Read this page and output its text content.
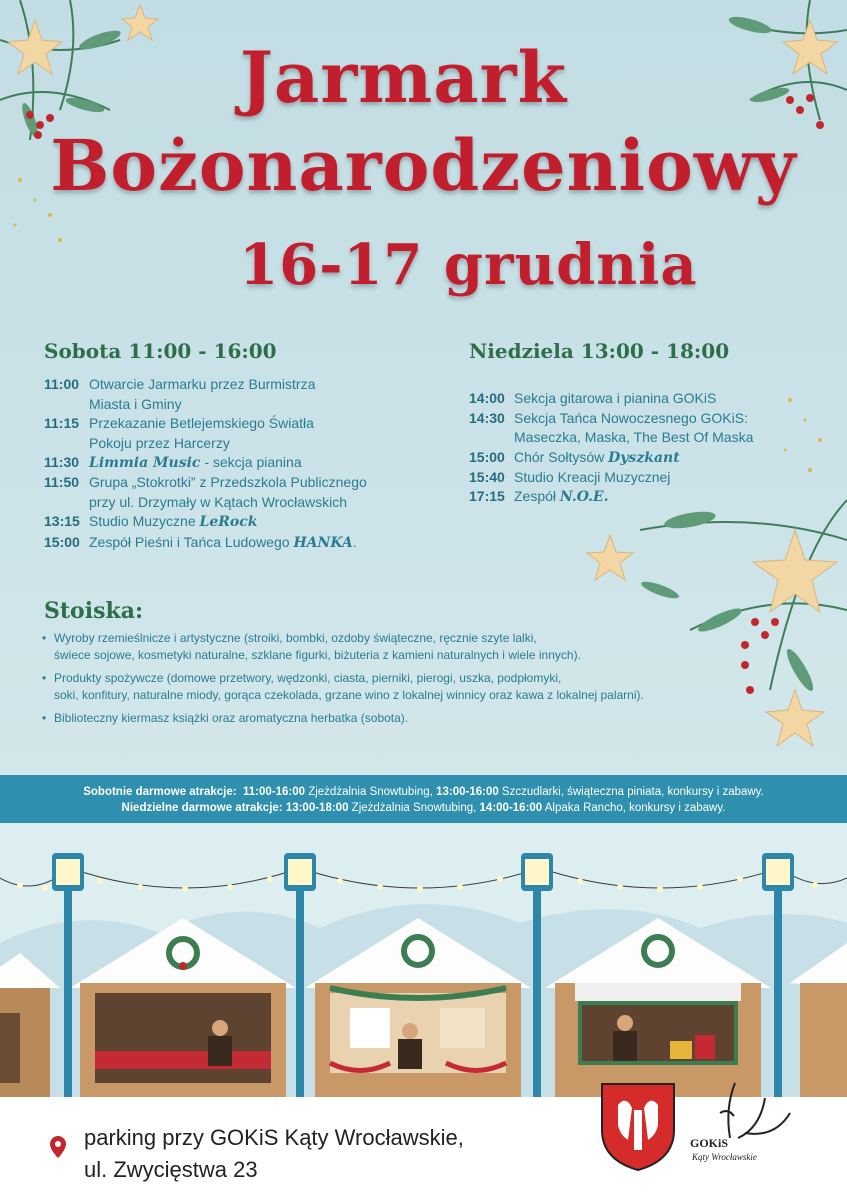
Jarmark
Bożonarodzeniowy
16-17 grudnia
Sobota 11:00 - 16:00
11:00 Otwarcie Jarmarku przez Burmistrza
Miasta i Gminy
11:15 Przekazanie Betlejemskiego Światła
Pokoju przez Harcerzy
11:30 Limmia Music - sekcja pianina
11:50 Grupa „Stokrotki” z Przedszkola Publicznego
przy ul. Drzymały w Kątach Wrocławskich
13:15 Studio Muzyczne LeRock
15:00 Zespół Pieśni i Tańca Ludowego HANKA.
Niedziela 13:00 - 18:00
14:00 Sekcja gitarowa i pianina GOKiS
14:30 Sekcja Tańca Nowoczesnego GOKiS:
Maseczka, Maska, The Best Of Maska
15:00 Chór Sołtysów Dyszkant
15:40 Studio Kreacji Muzycznej
17:15 Zespół N.O.E.
Stoiska:
• Wyroby rzemieślnicze i artystyczne (stroiki, bombki, ozdoby świąteczne, ręcznie szyte lalki,
świece sojowe, kosmetyki naturalne, szklane figurki, biżuteria z kamieni naturalnych i wiele innych).
• Produkty spożywcze (domowe przetwory, wędzonki, ciasta, pierniki, pierogi, uszka, podpłomyki,
soki, konfitury, naturalne miody, gorąca czekolada, grzane wino z lokalnej winnicy oraz kawa z lokalnej palarni).
• Biblioteczny kiermasz książki oraz aromatyczna herbatka (sobota).
Sobotnie darmowe atrakcje: 11:00-16:00 Zjeżdżalnia Snowtubing, 13:00-16:00 Szczudlarki, świąteczna piniata, konkursy i zabawy.
Niedzielne darmowe atrakcje: 13:00-18:00 Zjeżdżalnia Snowtubing, 14:00-16:00 Alpaka Rancho, konkursy i zabawy.
parking przy GOKiS Kąty Wrocławskie,
ul. Zwycięstwa 23
GOKiS
Kąty Wrocławskie
